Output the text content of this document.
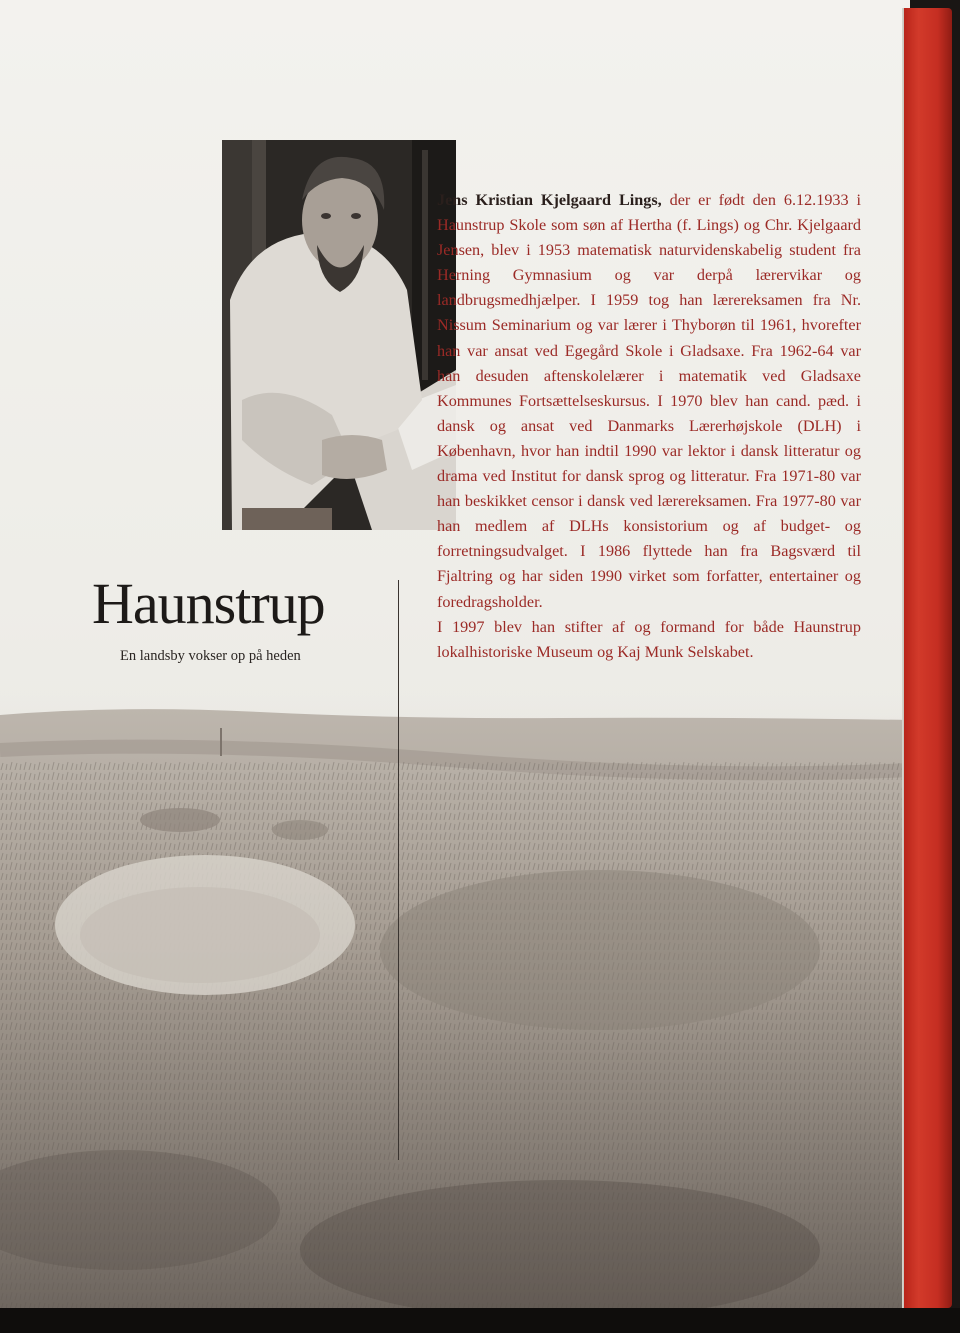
Haunstrup
En landsby vokser op på heden

Jens Kristian Kjelgaard Lings, der er født den 6.12.1933 i Haunstrup Skole som søn af Hertha (f. Lings) og Chr. Kjelgaard Jensen, blev i 1953 matematisk naturvidenskabelig student fra Herning Gymnasium og var derpå lærervikar og landbrugsmedhjælper. I 1959 tog han lærereksamen fra Nr. Nissum Seminarium og var lærer i Thyborøn til 1961, hvorefter han var ansat ved Egegård Skole i Gladsaxe. Fra 1962-64 var han desuden aftenskolelærer i matematik ved Gladsaxe Kommunes Fortsættelseskursus. I 1970 blev han cand. pæd. i dansk og ansat ved Danmarks Lærerhøjskole (DLH) i København, hvor han indtil 1990 var lektor i dansk litteratur og drama ved Institut for dansk sprog og litteratur. Fra 1971-80 var han beskikket censor i dansk ved lærereksamen. Fra 1977-80 var han medlem af DLHs konsistorium og af budget- og forretningsudvalget. I 1986 flyttede han fra Bagsværd til Fjaltring og har siden 1990 virket som forfatter, entertainer og foredragsholder.

I 1997 blev han stifter af og formand for både Haunstrup lokalhistoriske Museum og Kaj Munk Selskabet.
